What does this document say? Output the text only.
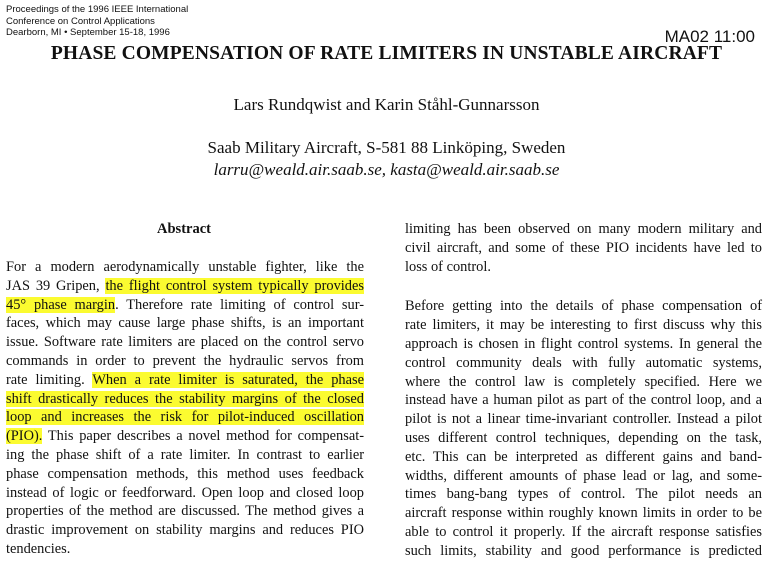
Proceedings of the 1996 IEEE International
Conference on Control Applications
Dearborn, MI • September 15-18, 1996	MA02 11:00
PHASE COMPENSATION OF RATE LIMITERS IN UNSTABLE AIRCRAFT
Lars Rundqwist and Karin Ståhl-Gunnarsson
Saab Military Aircraft, S-581 88 Linköping, Sweden
larru@weald.air.saab.se, kasta@weald.air.saab.se
Abstract
For a modern aerodynamically unstable fighter, like the
JAS 39 Gripen, the flight control system typically provides
45° phase margin. Therefore rate limiting of control sur-
faces, which may cause large phase shifts, is an important
issue. Software rate limiters are placed on the control servo
commands in order to prevent the hydraulic servos from
rate limiting. When a rate limiter is saturated, the phase
shift drastically reduces the stability margins of the closed
loop and increases the risk for pilot-induced oscillation
(PIO). This paper describes a novel method for compensat-
ing the phase shift of a rate limiter. In contrast to earlier
phase compensation methods, this method uses feedback
instead of logic or feedforward. Open loop and closed loop
properties of the method are discussed. The method gives a
drastic improvement on stability margins and reduces PIO
tendencies.
limiting has been observed on many modern military and
civil aircraft, and some of these PIO incidents have led to
loss of control.
Before getting into the details of phase compensation of
rate limiters, it may be interesting to first discuss why this
approach is chosen in flight control systems. In general the
control community deals with fully automatic systems,
where the control law is completely specified. Here we
instead have a human pilot as part of the control loop, and a
pilot is not a linear time-invariant controller. Instead a pilot
uses different control techniques, depending on the task,
etc. This can be interpreted as different gains and band-
widths, different amounts of phase lead or lag, and some-
times bang-bang types of control. The pilot needs an
aircraft response within roughly known limits in order to be
able to control it properly. If the aircraft response satisfies
such limits, stability and good performance is predicted
